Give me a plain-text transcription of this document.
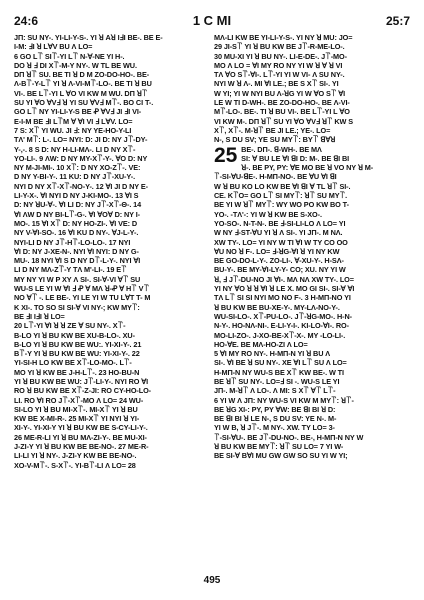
24:6	1 C MI	25:7
JΠ: SU NY-. YI-LI-Y-S-. YI ꓤ Aꓤ IꓞI BE-. BE E-
I-M: ꓞI ꓤ LꓯV BU Λ LO=
6 GO L꓅ SI꓅-YI L꓅ N-ꓯ-NE YI H-.
DO ꓤ ꓞ DI X꓅-M-Y NY-. W TL BE WU.
DΠ ꓤ꓅ SU. BE TI ꓤ D M ZO-DO-HO-. BE-
Λ-B꓅-Y-L꓅ YI ꓤ Λ-VI-M꓅-LO-. BE TI ꓤ BU
VI-. BE L꓅-YI L ꓯO VI KW M WU. DΠ ꓤ꓅
SU YI ꓯO ꓯVꓞ ꓤ YI SU ꓯVꓞ M꓅-. BO CI T-.
GO L꓅ NY YI-LI-Y-S BE Ꝓ ꓯVꓞ JI ꓞI VI-
E-I-M BE ꓞI L꓅M ꓯ ꓯI VI ꓞ LꓯV. LO=
7 S: X꓅ YI WU. JI ꓞ: NY YE-HO-Y-LI
TΛ' M꓅: L-. LO= NYI: D: JI D: NY J꓅-DY-
Y-,-. 8 S D: NY H-LI-MΛ-. LI D NY X꓅-
YO-LI-. 9 ΛW: D NY MY-X꓅-Y-. ꓯO D: NY
NY M-JI-MI-. 10 X꓅: D NY XO-Z꓅-. VE:
D NY Y-BI-Y-. 11 KU: D NY J꓅-XU-Y-.
NYI D NY X꓅-X꓅-NO-Y-. 12 ꓯI JI D NY E-
LI-Y-X-. ꓯI NYI D NY J-KI-MO-. 13 ꓯI S
D: NY ꓤU-ꓯ-. ꓯI LI D: NY J꓅-X꓅-Θ-. 14
ꓯI ΛW D NY BI-L꓅-G-. ꓯI ꓯOꓯ D: NY I-
MO-. 15 ꓯI X꓅ D: NY HO-ZI-. ꓯI VE: D
NY V-ꓯI-SO-. 16 ꓯI KU D NY-. ꓯJ-L-Y-.
NYI-LI D NY J꓅-H꓅-LO-LO-. 17 NYI
ꓯI D: NY J-XE-N-. NYI ꓯI NYI: D NY G-
MU-. 18 NYI ꓯI S D NY D꓅-L-Y-. NYI ꓯI
LI D NY MΛ-Z꓅-Y TΛ M'-LI-. 19 E꓅
MY NY YI W P XY Λ SI-. SI-ꓯ-VI ꓯ꓅ SU
WU-S LE YI W ꓯI ꓞ Ꝓ ꓯ MΛ ꓤ-Ꝓ ꓯ H꓅ V꓅
NO ꓯ꓅ -. LE BE-. YI LE YI W TU LꓯT T- M
K XI-. TO SO SI SI-ꓯ VI NY-; KW MY꓅:
BE ꓞI IꓞI ꓤ LO=
20 L꓅-YI ꓯI ꓤ ꓤ ZE ꓯ SU NY-. X꓅-
B-LO YI ꓤ BU KW BE XU-B-LO-. XU-
B-LO YI ꓤ BU KW BE WU:. YI-XI-Y-. 21
B꓅-Y YI ꓤ BU KW BE WU: YI-XI-Y-. 22
YI-SI-H LO KW BE X꓅-LO-MO-. L꓅-
MO YI ꓤ KW BE J-H-L꓅-. 23 HO-BU-N
YI ꓤ BU KW BE WU: J꓅-LI-Y-. NYI RO ꓯI
RO ꓤ BU KW BE X꓅-Z-JI: RO CY-HO-LO-
LI. RO ꓯI RO J꓅-X꓅-MO Λ LO= 24 WU-
SI-LO YI ꓤ BU MI-X꓅-. MI-X꓅ YI ꓤ BU
KW BE X-MI-R-. 25 MI-X꓅ YI NYI ꓤ YI-
XI-Y-. YI-XI-Y YI ꓤ BU KW BE S-CY-LI-Y-.
26 ME-R-LI YI ꓤ BU MΛ-ZI-Y-. BE MU-XI-
J-ZI-Y YI ꓤ BU KW BE BE-NO-. 27 ME-R-
LI-LI YI ꓤ NY-. J-ZI-Y KW BE BE-NO-.
XO-V-M꓅-. S-X꓅-. YI-B꓅-LI Λ LO= 28
MΛ-LI KW BE YI-LI-Y-S-. YI NY ꓤ MU: JO=
29 JI-S꓅ YI ꓤ BU KW BE J꓅-R-ME-LO-.
30 MU-XI YI ꓤ BU NY-. LI-E-DE-. J꓅-MO-
MO Λ LO = ꓯI MY RO NY YI W ꓤ ꓯ ꓤ VI
TΛ ꓯO S꓅-ꓯI-. L꓅-YI YI W VI- Λ SU NY-.
NYI W ꓤ Λ-. MI ꓯI LE.; BE S X꓅ SI-. YI
W YI; YI W NYI BU Λ-ꓤG YI W ꓯO S꓅ ꓯI
LE W TI D-WH-. BE ZO-DO-HO-. BE Λ-VI-
M꓅-LO-. BE-. TI ꓤ BU VI-. BE L꓅-YI L ꓯO
VI KW M-. DΠ ꓤ꓅ SU YI ꓯO ꓯVꓞ ꓤ꓅ KW S
X꓅, X꓅-. M-ꓤ꓅ BE JI LE.; YE-. LO=
N-, S DU SV; YE SU MY꓅: BY꓅ ꓭꓯꓤ
25 BE-. DΠ-. ꓭ-WH-. BE MΛ
SI: ꓯ BU LE ꓯI ꓭI D: M-. BE ꓭI BI
ꓤ-. BE PY, PY: ꓯE MO BE ꓤ VO NY ꓤ M-
꓅-SI-ꓯU-ꓭE-. H-MΠ-NO-. BE ꓯU ꓯI ꓭI
W ꓤ BU KO LO KW BE ꓯI ꓭI ꓯ TL ꓤ꓅ SI-.
CE. K꓅O= GO L꓅ SI MY꓅: ꓤ꓅ SU MY꓅.
BE YI W ꓤ꓅ MY꓅: WY WO PO KW BO T-
YO-. -TΛ'-: YI W ꓤ KW BE S-XO-.
YO-SO-. N-T-N-. BE ꓞ-SI-LI-LO Λ LO= YI
W NY ꓞ-ST-ꓯU YI ꓤ Λ SI-. YI JΠ-. M NΛ.
XW TY-. LO= YI NY W TI ꓯI W TY CO OO
ꓯU NO ꓤ F-. LO= ꓞ-ꓤG-ꓯI ꓤ YI NY KW
BE GO-DO-L-Y-. ZO-LI-. ꓯ-XU-Y-. H-SΛ-
BU-Y-. BE MY-ꓯI-LY-Y- CO; XU. NY YI W
ꓤ, ꓞ J꓅-DU-NO JI ꓯI-. MΛ NΛ XW TY-. LO=
YI NY ꓯO ꓤ ꓤ ꓯI ꓤ LE X. MO GI SI-. SI-ꓯ ꓯI
TΛ L꓅ SI SI NYI MO NO F-. 3 H-MΠ-NO YI
ꓤ BU KW BE BU-XE-Y-. MY-LΛ-NO-Y-.
WU-SI-LO-. X꓅-PU-LO-. J꓅-ꓤG-MO-. H-N-
N-Y-. HO-NΛ-NI-. E-LI-Y-I-. KI-LO-ꓯI-. RO-
MO-LI-ZO-. J-XO-BE-X꓅-X-. MY -LO-LI-.
HO-ꓯE. BE MΛ-HO-ZI Λ LO=
5 ꓯI MY RO NY-. H-MΠ-N YI ꓤ BU Λ
SI-. ꓯI BE ꓤ SU NY-. XE ꓯI L꓅ SU Λ LO=
H-MΠ-N NY WU-S BE X꓅ KW BE-. W TI
BE ꓤ꓅ SU NY-. LO=ꓞ SI -. WU-S LE YI
JΠ-. M-ꓤ꓅ Λ LO-. Λ MI: S X꓅ ꓯ꓅ L꓅-
6 YI W Λ JΠ: NY WU-S VI KW M MY꓅: ꓤ꓅-
BE ꓤG XI-: PY, PY ꓯW: BE ꓭI BI ꓤ D:
BE ꓭI BI ꓤ LE N-, S DU SV: YE N-. M-
YI W B, ꓤ J꓅-. M NY-. XW. TY LO= 3-
꓅-SI-ꓯU-. BE J꓅-DU-NO-. BE-, H-MΠ-N NY W
ꓤ BU KW BE MY꓅: ꓤ꓅ SU LO= 7 YI W-
BE SI-ꓯ BꓯI MU GW GW SO SU YI W YI;
495
